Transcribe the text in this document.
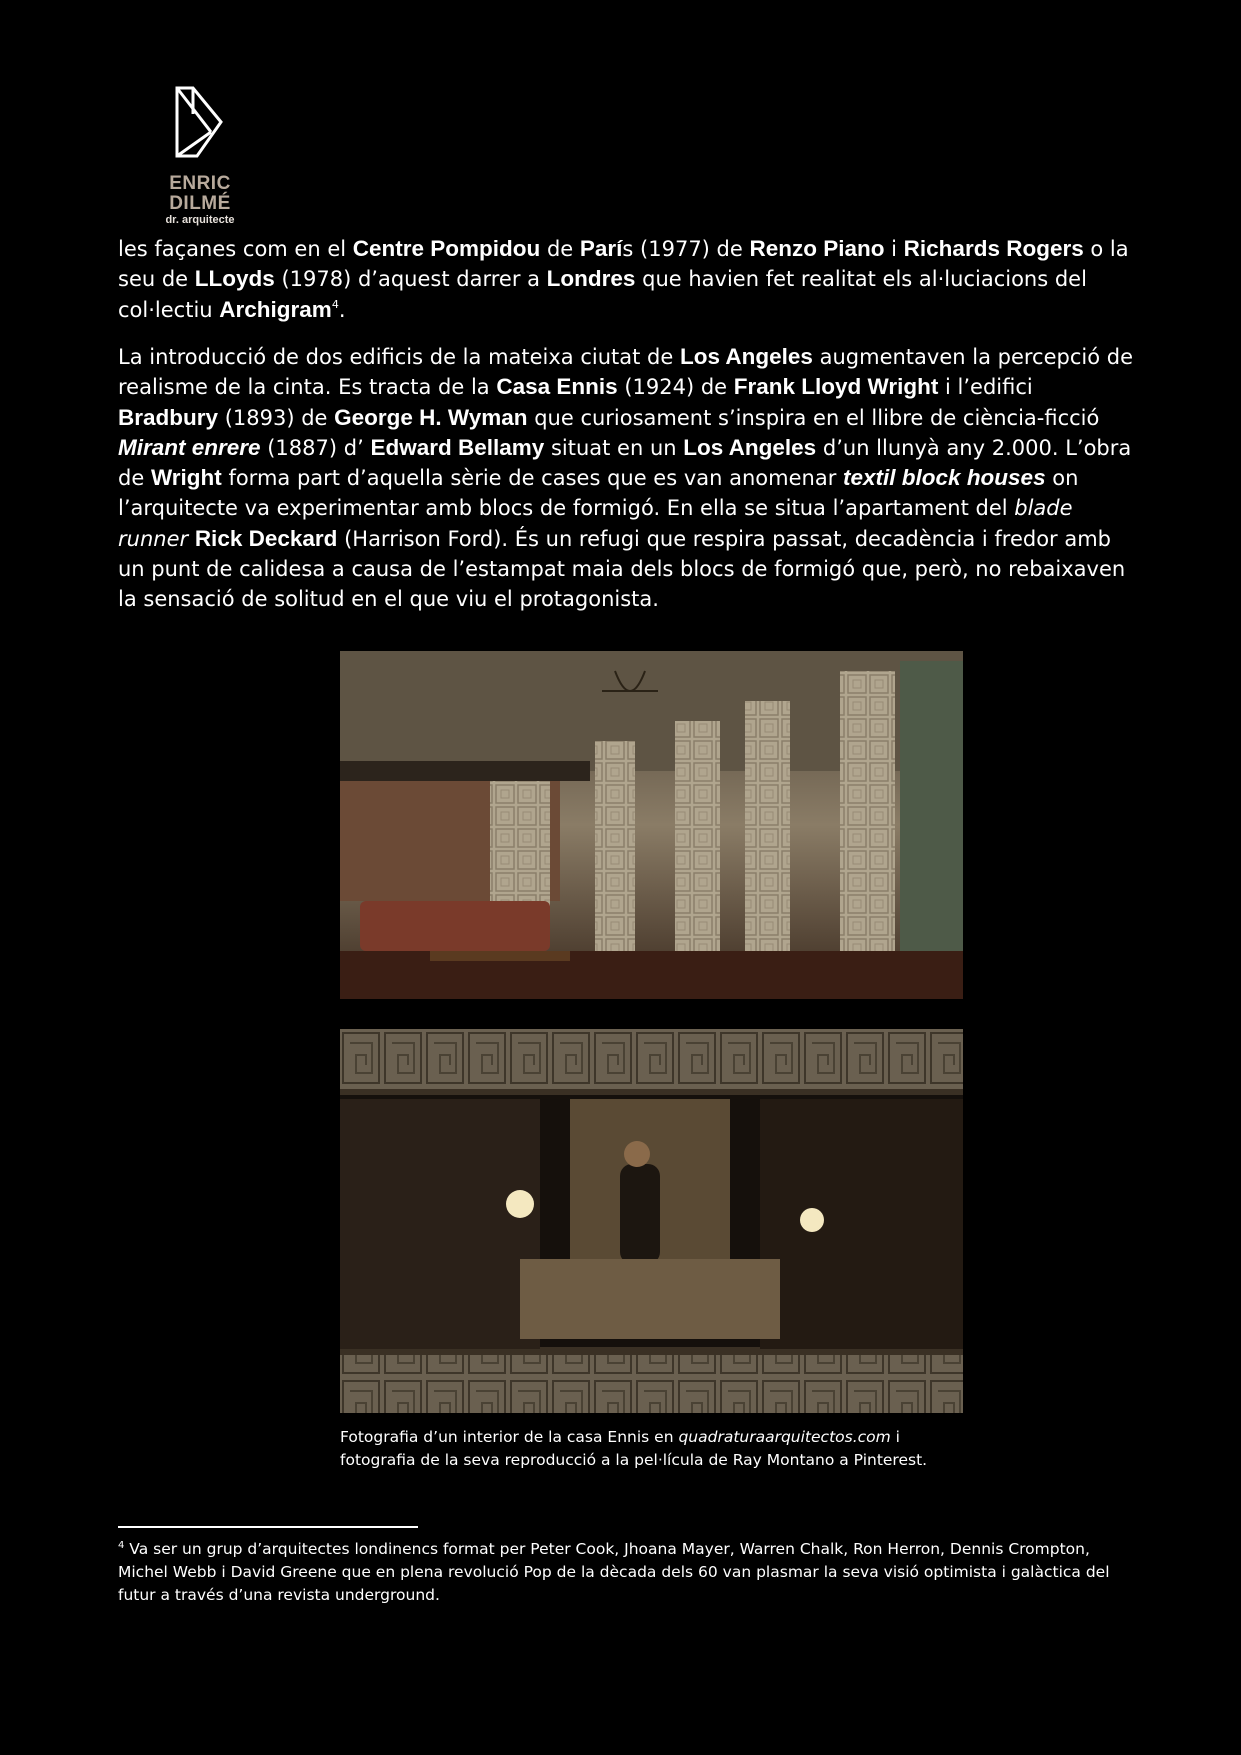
ENRIC DILMÉ
dr. arquitecte

les façanes com en el Centre Pompidou de París (1977) de Renzo Piano i Richards Rogers o la seu de LLoyds (1978) d’aquest darrer a Londres que havien fet realitat els al·luciacions del col·lectiu Archigram$^4$.

La introducció de dos edificis de la mateixa ciutat de Los Angeles augmentaven la percepció de realisme de la cinta. Es tracta de la Casa Ennis (1924) de Frank Lloyd Wright i l’edifici Bradbury (1893) de George H. Wyman que curiosament s’inspira en el llibre de ciència-ficció Mirant enrere (1887) d’ Edward Bellamy situat en un Los Angeles d’un llunyà any 2.000. L’obra de Wright forma part d’aquella sèrie de cases que es van anomenar textil block houses on l’arquitecte va experimentar amb blocs de formigó. En ella se situa l’apartament del blade runner Rick Deckard (Harrison Ford). És un refugi que respira passat, decadència i fredor amb un punt de calidesa a causa de l’estampat maia dels blocs de formigó que, però, no rebaixaven la sensació de solitud en el que viu el protagonista.

Fotografia d’un interior de la casa Ennis en quadraturaarquitectos.com i fotografia de la seva reproducció a la pel·lícula de Ray Montano a Pinterest.

$^4$ Va ser un grup d’arquitectes londinencs format per Peter Cook, Jhoana Mayer, Warren Chalk, Ron Herron, Dennis Crompton, Michel Webb i David Greene que en plena revolució Pop de la dècada dels 60 van plasmar la seva visió optimista i galàctica del futur a través d’una revista underground.
